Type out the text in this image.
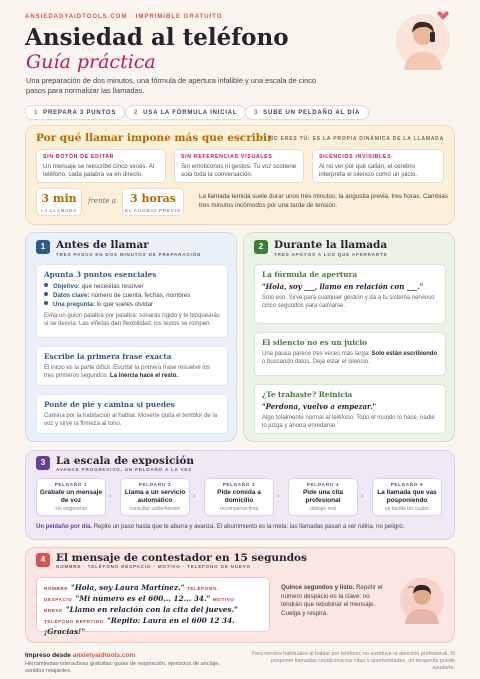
ANSIEDADYAIDTOOLS.COM · IMPRIMIBLE GRATUITO
Ansiedad al teléfono
Guía práctica
Una preparación de dos minutos, una fórmula de apertura infalible y una escala de cinco pasos para normalizar las llamadas.
1 PREPARA 3 PUNTOS	2 USA LA FÓRMULA INICIAL	3 SUBE UN PELDAÑO AL DÍA
Por qué llamar impone más que escribir
NO ERES TÚ: ES LA PROPIA DINÁMICA DE LA LLAMADA
SIN BOTÓN DE EDITAR
Un mensaje se reescribe cinco veces. Al teléfono, cada palabra va en directo.
SIN REFERENCIAS VISUALES
Sin emoticonos ni gestos. Tu voz sostiene sola toda la conversación.
SILENCIOS INVISIBLES
Al no ver por qué callan, el cerebro interpreta el silencio como un juicio.
3 min
LA LLAMADA
frente a	3 horas
EL AGOBIO PREVIO
La llamada temida suele durar unos tres minutos; la angustia previa, tres horas. Cambias tres minutos incómodos por una tarde de tensión.
1	Antes de llamar
TRES PASOS EN DOS MINUTOS DE PREPARACIÓN
Apunta 3 puntos esenciales
Objetivo: qué necesitas resolver
Datos clave: número de cuenta, fechas, nombres
Una pregunta: lo que sueles olvidar
Evita un guion palabra por palabra: sonarás rígido y te bloquearás si se desvía. Las viñetas dan flexibilidad; los textos se rompen.
Escribe la primera frase exacta
El inicio es la parte difícil. Escribir la primera frase resuelve los tres primeros segundos. La inercia hace el resto.
Ponte de pie y camina si puedes
Camina por la habitación al hablar. Moverte quita el temblor de la voz y sirve la firmeza al tono.
2	Durante la llamada
TRES APOYOS A LOS QUE AFERRARTE
La fórmula de apertura
"Hola, soy ___, llamo en relación con ___."
Solo eso. Sirve para cualquier gestión y da a tu sistema nervioso cinco segundos para calmarse.
El silencio no es un juicio
Una pausa parece tres veces más larga. Solo están escribiendo o buscando datos. Deja estar el silencio.
¿Te trabaste? Reinicia
"Perdona, vuelvo a empezar."
Algo totalmente normal al teléfono. Todo el mundo lo hace, nadie lo juzga y ahorra enredarse.
3	La escala de exposición
AVANCE PROGRESIVO, UN PELDAÑO A LA VEZ
PELDAÑO 1
Grábate un mensaje de voz
sin exigencias
›
PELDAÑO 2
Llama a un servicio automático
consultar saldo/horario
›
PELDAÑO 3
Pide comida a domicilio
recompensa final
›
PELDAÑO 4
Pide una cita profesional
diálogo real
›
PELDAÑO 5
La llamada que vas posponiendo
ya facilite las cuatro
Un peldaño por día. Repite un paso hasta que te aburra y avanza. El aburrimiento es la meta: las llamadas pasan a ser rutina, no peligro.
4	El mensaje de contestador en 15 segundos
NOMBRE · TELÉFONO DESPACIO · MOTIVO · TELÉFONO DE NUEVO
NOMBRE "Hola, soy Laura Martínez." TELÉFONO, DESPACIO "Mi número es el 600... 12... 34." MOTIVO BREVE "Llamo en relación con la cita del jueves." TELÉFONO REPETIDO "Repito: Laura en el 600 12 34. ¡Gracias!"
Quince segundos y listo. Repetir el número despacio es la clave: no tendrán que rebobinar el mensaje. Cuelga y respira.
Impreso desde anxietyaidtools.com
Herramientas interactivas gratuitas: guías de respiración, ejercicios de anclaje, sonidos relajantes.
Para nervios habituales al hablar por teléfono; no sustituye la atención profesional. Si posponer llamadas condiciona tus citas u oportunidades, un terapeuta puede ayudarte.
